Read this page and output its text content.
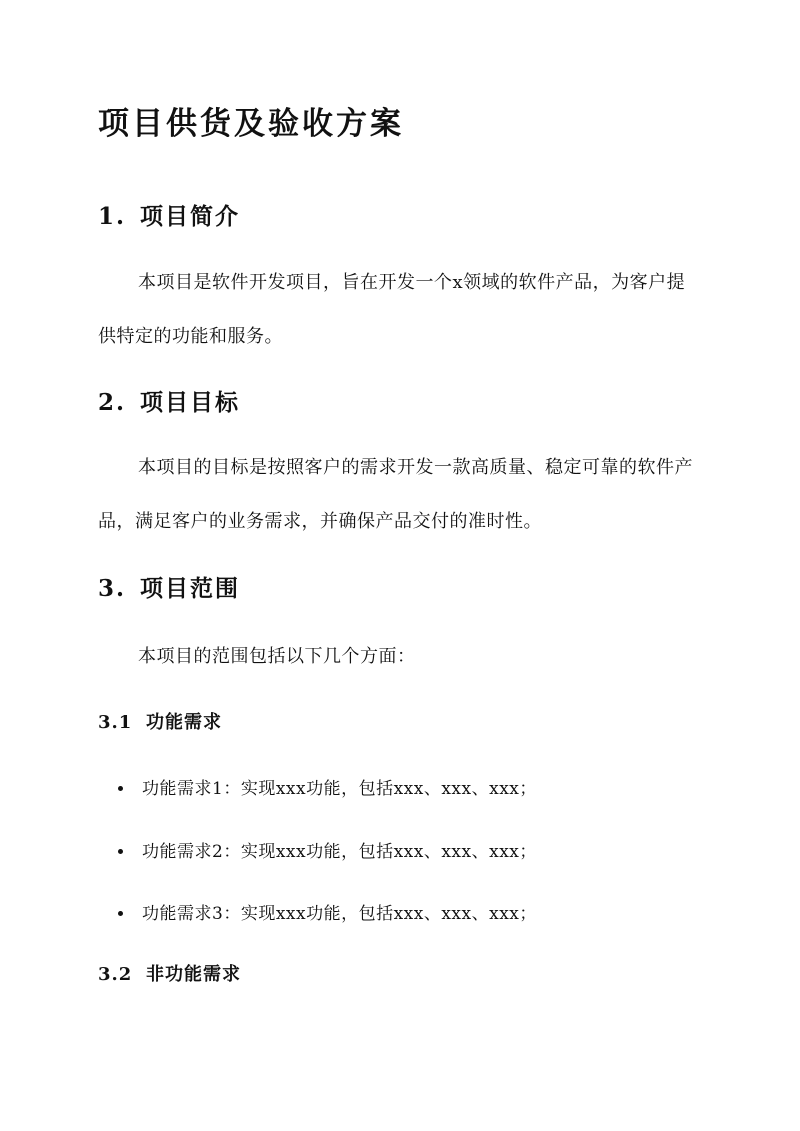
项目供货及验收方案
1. 项目简介

本项目是软件开发项目，旨在开发一个x领域的软件产品，为客户提供特定的功能和服务。

2. 项目目标

本项目的目标是按照客户的需求开发一款高质量、稳定可靠的软件产品，满足客户的业务需求，并确保产品交付的准时性。

3. 项目范围

本项目的范围包括以下几个方面：

3.1 功能需求
功能需求1：实现xxx功能，包括xxx、xxx、xxx；
功能需求2：实现xxx功能，包括xxx、xxx、xxx；
功能需求3：实现xxx功能，包括xxx、xxx、xxx；
3.2 非功能需求
